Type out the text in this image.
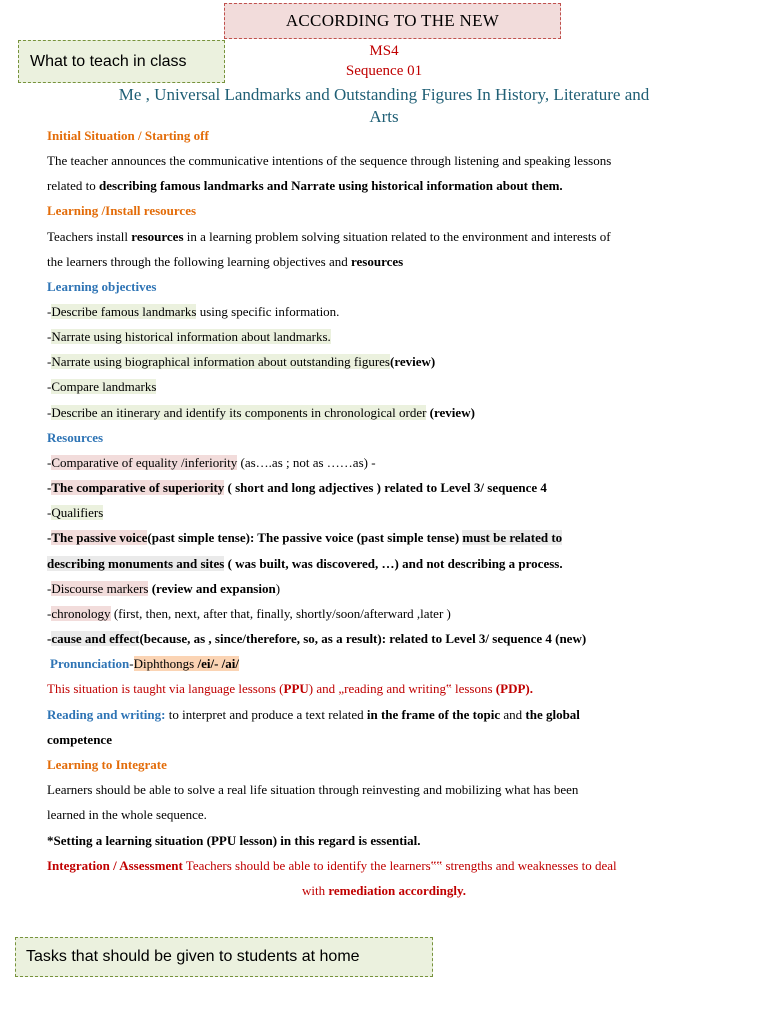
ACCORDING TO THE NEW
What to teach in class
MS4
Sequence 01
Me , Universal Landmarks and Outstanding Figures In History, Literature and
Arts
Initial Situation / Starting off
The teacher announces the communicative intentions of the sequence through listening and speaking lessons
related to describing famous landmarks and Narrate using historical information about them.
Learning /Install resources
Teachers install resources in a learning problem solving situation related to the environment and interests of
the learners through the following learning objectives and resources
Learning objectives
-Describe famous landmarks using specific information.
-Narrate using historical information about landmarks.
-Narrate using biographical information about outstanding figures(review)
-Compare landmarks
-Describe an itinerary and identify its components in chronological order (review)
Resources
-Comparative of equality /inferiority (as….as ; not as ……as) -
-The comparative of superiority ( short and long adjectives ) related to Level 3/ sequence 4
-Qualifiers
-The passive voice(past simple tense): The passive voice (past simple tense) must be related to
describing monuments and sites ( was built, was discovered, …) and not describing a process.
-Discourse markers (review and expansion)
-chronology (first, then, next, after that, finally, shortly/soon/afterward ,later )
-cause and effect(because, as , since/therefore, so, as a result): related to Level 3/ sequence 4 (new)
Pronunciation-Diphthongs /ei/- /ai/
This situation is taught via language lessons (PPU) and „reading and writing‟ lessons (PDP).
Reading and writing: to interpret and produce a text related in the frame of the topic and the global
competence
Learning to Integrate
Learners should be able to solve a real life situation through reinvesting and mobilizing what has been
learned in the whole sequence.
*Setting a learning situation (PPU lesson) in this regard is essential.
Integration / Assessment Teachers should be able to identify the learners‟‟ strengths and weaknesses to deal
with remediation accordingly.
Tasks that should be given to students at home
